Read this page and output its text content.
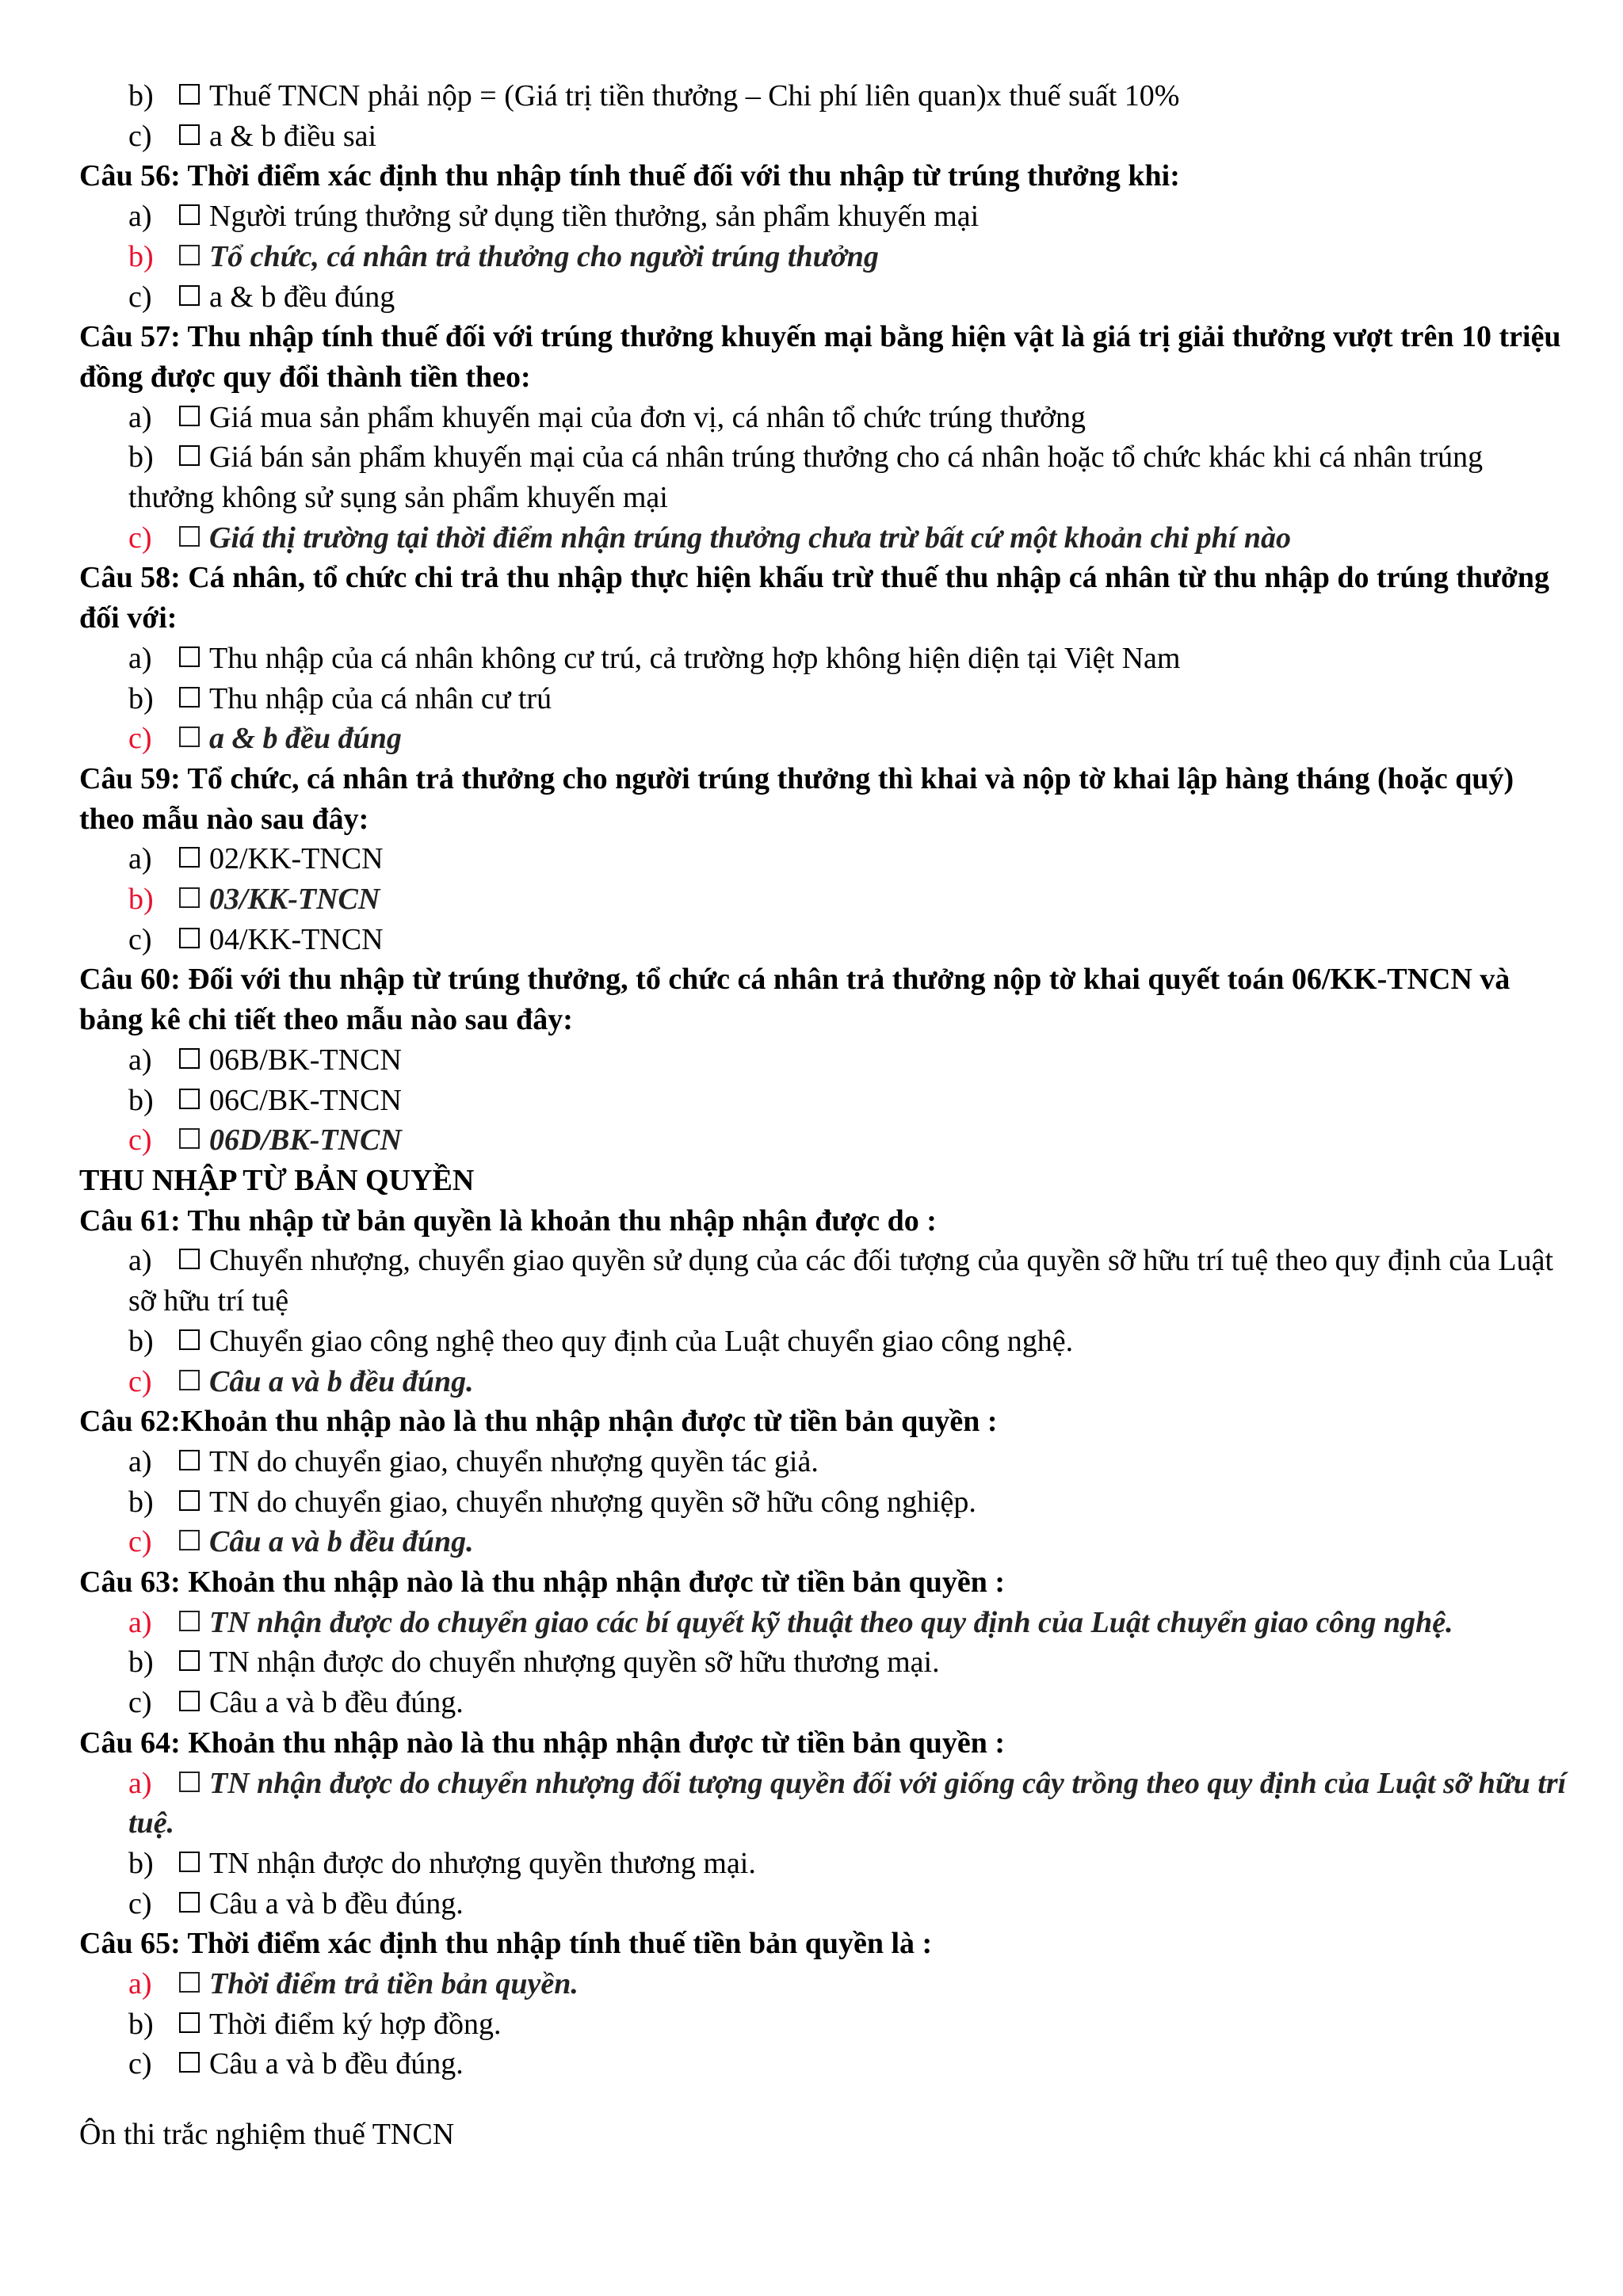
b)	Thuế TNCN phải nộp = (Giá trị tiền thưởng – Chi phí liên quan)x thuế suất 10%

c)	a & b điều sai

Câu 56: Thời điểm xác định thu nhập tính thuế đối với thu nhập từ trúng thưởng khi:

a)	Người trúng thưởng sử dụng tiền thưởng, sản phẩm khuyến mại

b)	Tổ chức, cá nhân trả thưởng cho người trúng thưởng

c)	a & b đều đúng

Câu 57: Thu nhập tính thuế đối với trúng thưởng khuyến mại bằng hiện vật là giá trị giải thưởng vượt trên 10 triệu đồng được quy đổi thành tiền theo:

a)	Giá mua sản phẩm khuyến mại của đơn vị, cá nhân tổ chức trúng thưởng

b)	Giá bán sản phẩm khuyến mại của cá nhân trúng thưởng cho cá nhân hoặc tổ chức khác khi cá nhân trúng thưởng không sử sụng sản phẩm khuyến mại

c)	Giá thị trường tại thời điểm nhận trúng thưởng chưa trừ bất cứ một khoản chi phí nào

Câu 58: Cá nhân, tổ chức chi trả thu nhập thực hiện khấu trừ thuế thu nhập cá nhân từ thu nhập do trúng thưởng đối với:

a)	Thu nhập của cá nhân không cư trú, cả trường hợp không hiện diện tại Việt Nam

b)	Thu nhập của cá nhân cư trú

c)	a & b đều đúng

Câu 59: Tổ chức, cá nhân trả thưởng cho người trúng thưởng thì khai và nộp tờ khai lập hàng tháng (hoặc quý) theo mẫu nào sau đây:

a)	02/KK-TNCN

b)	03/KK-TNCN

c)	04/KK-TNCN

Câu 60: Đối với thu nhập từ trúng thưởng, tổ chức cá nhân trả thưởng nộp tờ khai quyết toán 06/KK-TNCN và bảng kê chi tiết theo mẫu nào sau đây:

a)	06B/BK-TNCN

b)	06C/BK-TNCN

c)	06D/BK-TNCN

THU NHẬP TỪ BẢN QUYỀN

Câu 61: Thu nhập từ bản quyền là khoản thu nhập nhận được do :

a)	Chuyển nhượng, chuyển giao quyền sử dụng của các đối tượng của quyền sỡ hữu trí tuệ theo quy định của Luật sỡ hữu trí tuệ

b)	Chuyển giao công nghệ theo quy định của Luật chuyển giao công nghệ.

c)	Câu a và b đều đúng.

Câu 62:Khoản thu nhập nào là thu nhập nhận được từ tiền bản quyền :

a)	TN do chuyển giao, chuyển nhượng quyền tác giả.

b)	TN do chuyển giao, chuyển nhượng quyền sỡ hữu công nghiệp.

c)	Câu a và b đều đúng.

Câu 63: Khoản thu nhập nào là thu nhập nhận được từ tiền bản quyền :

a)	TN nhận được do chuyển giao các bí quyết kỹ thuật theo quy định của Luật chuyển giao công nghệ.

b)	TN nhận được do chuyển nhượng quyền sỡ hữu thương mại.

c)	Câu a và b đều đúng.

Câu 64: Khoản thu nhập nào là thu nhập nhận được từ tiền bản quyền :

a)	TN nhận được do chuyển nhượng đối tượng quyền đối với giống cây trồng theo quy định của Luật sỡ hữu trí tuệ.

b)	TN nhận được do nhượng quyền thương mại.

c)	Câu a và b đều đúng.

Câu 65: Thời điểm xác định thu nhập tính thuế tiền bản quyền là :

a)	Thời điểm trả tiền bản quyền.

b)	Thời điểm ký hợp đồng.

c)	Câu a và b đều đúng.

Ôn thi trắc nghiệm thuế TNCN
